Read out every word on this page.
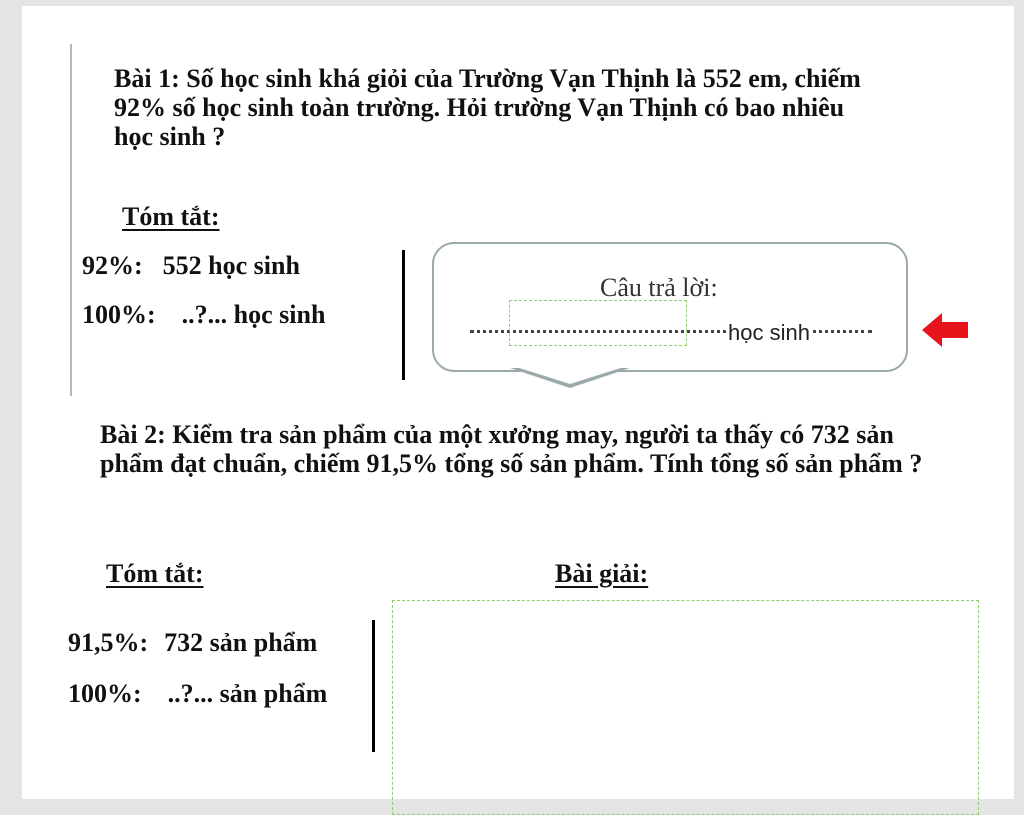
Bài 1: Số học sinh khá giỏi của Trường Vạn Thịnh là 552 em, chiếm 92% số học sinh toàn trường. Hỏi trường Vạn Thịnh có bao nhiêu học sinh ?

Tóm tắt:
92%: 552 học sinh
100%: ..?... học sinh
Câu trả lời:
học sinh

Bài 2: Kiểm tra sản phẩm của một xưởng may, người ta thấy có 732 sản phẩm đạt chuẩn, chiếm 91,5% tổng số sản phẩm. Tính tổng số sản phẩm ?

Tóm tắt:	Bài giải:
91,5%: 732 sản phẩm
100%: ..?... sản phẩm
